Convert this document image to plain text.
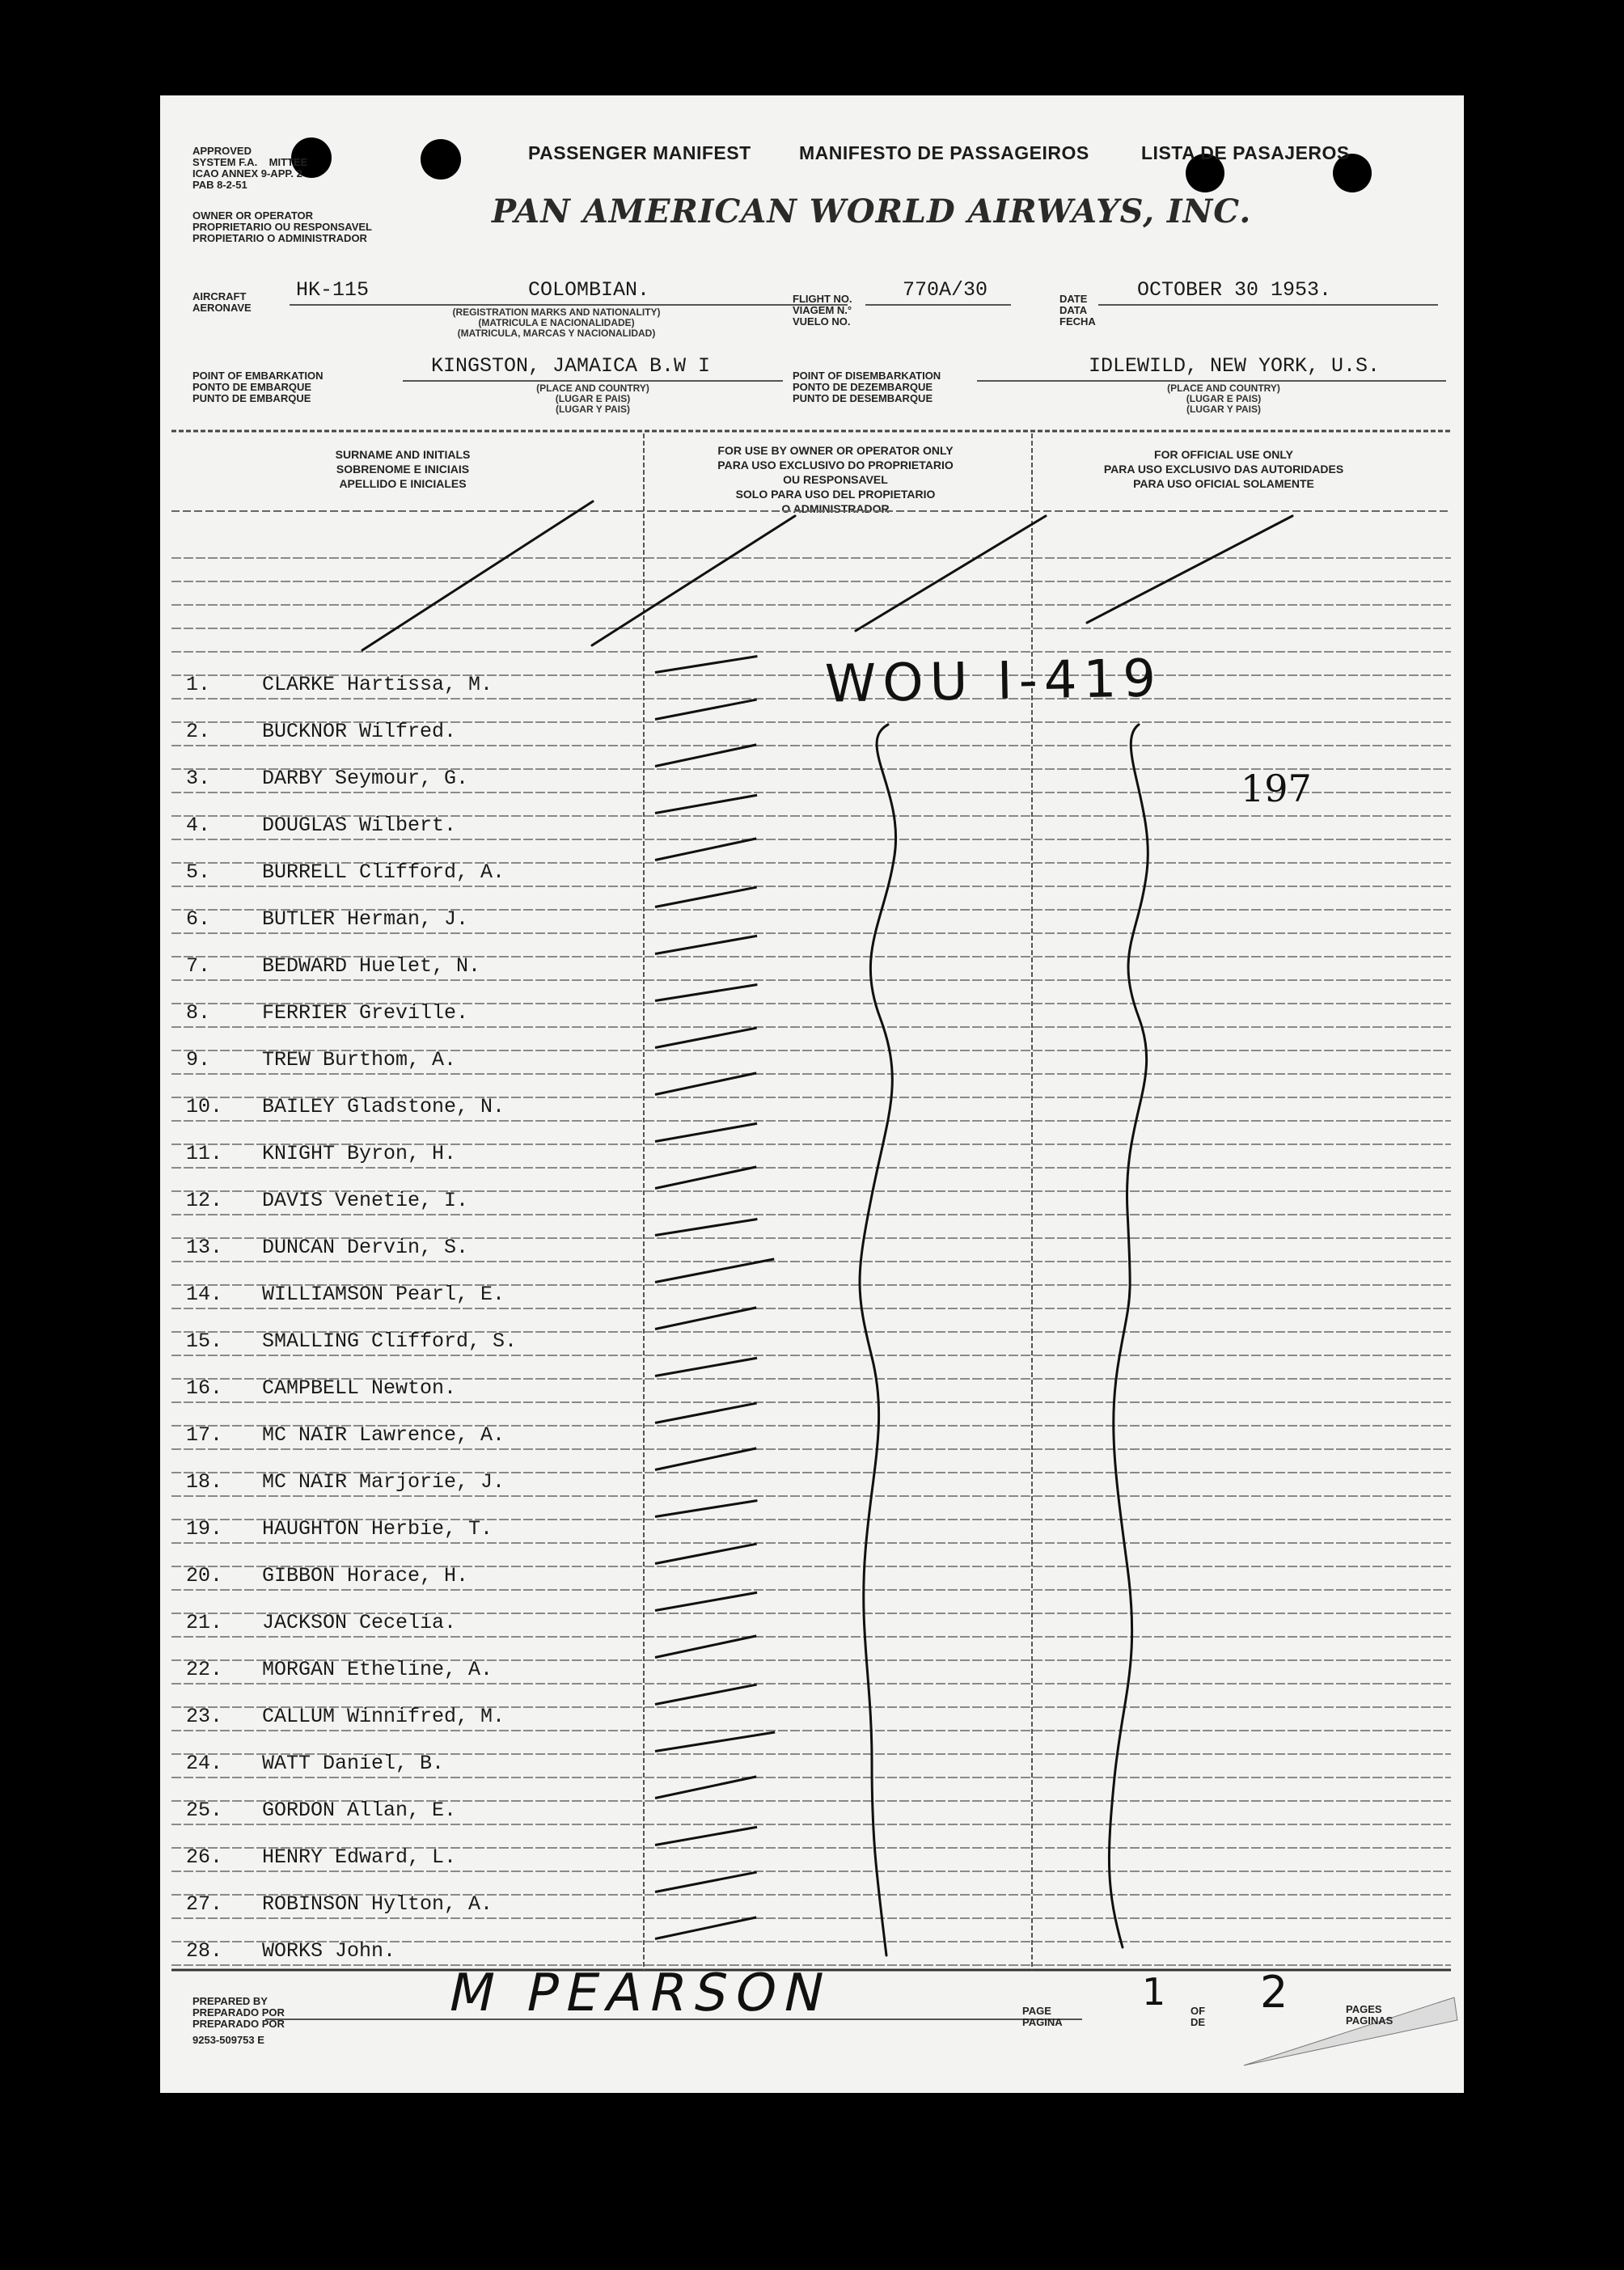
APPROVED
SYSTEM F.A.    MITTEE
ICAO ANNEX 9-APP. 2
PAB 8-2-51
PASSENGER MANIFEST	MANIFESTO DE PASSAGEIROS	LISTA DE PASAJEROS
OWNER OR OPERATOR
PROPRIETARIO OU RESPONSAVEL
PROPIETARIO O ADMINISTRADOR
PAN AMERICAN WORLD AIRWAYS, INC.
AIRCRAFT
AERONAVE
HK-115	COLOMBIAN.
(REGISTRATION MARKS AND NATIONALITY)
(MATRICULA E NACIONALIDADE)
(MATRICULA, MARCAS Y NACIONALIDAD)
FLIGHT NO.
VIAGEM N.°
VUELO NO.
770A/30	DATE
DATA
FECHA
OCTOBER 30 1953.
POINT OF EMBARKATION
PONTO DE EMBARQUE
PUNTO DE EMBARQUE
KINGSTON, JAMAICA B.W I
(PLACE AND COUNTRY)
(LUGAR E PAIS)
(LUGAR Y PAIS)
POINT OF DISEMBARKATION
PONTO DE DEZEMBARQUE
PUNTO DE DESEMBARQUE
IDLEWILD, NEW YORK, U.S.
(PLACE AND COUNTRY)
(LUGAR E PAIS)
(LUGAR Y PAIS)
SURNAME AND INITIALS
SOBRENOME E INICIAIS
APELLIDO E INICIALES
FOR USE BY OWNER OR OPERATOR ONLY
PARA USO EXCLUSIVO DO PROPRIETARIO
OU RESPONSAVEL
SOLO PARA USO DEL PROPIETARIO
O ADMINISTRADOR
FOR OFFICIAL USE ONLY
PARA USO EXCLUSIVO DAS AUTORIDADES
PARA USO OFICIAL SOLAMENTE
WOU I-419
197
1.	CLARKE Hartissa, M.
2.	BUCKNOR Wilfred.
3.	DARBY Seymour, G.
4.	DOUGLAS Wilbert.
5.	BURRELL Clifford, A.
6.	BUTLER Herman, J.
7.	BEDWARD Huelet, N.
8.	FERRIER Greville.
9.	TREW Burthom, A.
10. BAILEY Gladstone, N.
11. KNIGHT Byron, H.
12. DAVIS Venetie, I.
13. DUNCAN Dervin, S.
14. WILLIAMSON Pearl, E.
15. SMALLING Clifford, S.
16. CAMPBELL Newton.
17. MC NAIR Lawrence, A.
18. MC NAIR Marjorie, J.
19. HAUGHTON Herbie, T.
20. GIBBON Horace, H.
21. JACKSON Cecelia.
22. MORGAN Etheline, A.
23. CALLUM Winnifred, M.
24. WATT Daniel, B.
25. GORDON Allan, E.
26. HENRY Edward, L.
27. ROBINSON Hylton, A.
28. WORKS John.
PREPARED BY
PREPARADO POR
PREPARADO POR
9253-509753 E
M PEARSON	PAGE
PAGINA
1 OF
DE
2	PAGES
PAGINAS
